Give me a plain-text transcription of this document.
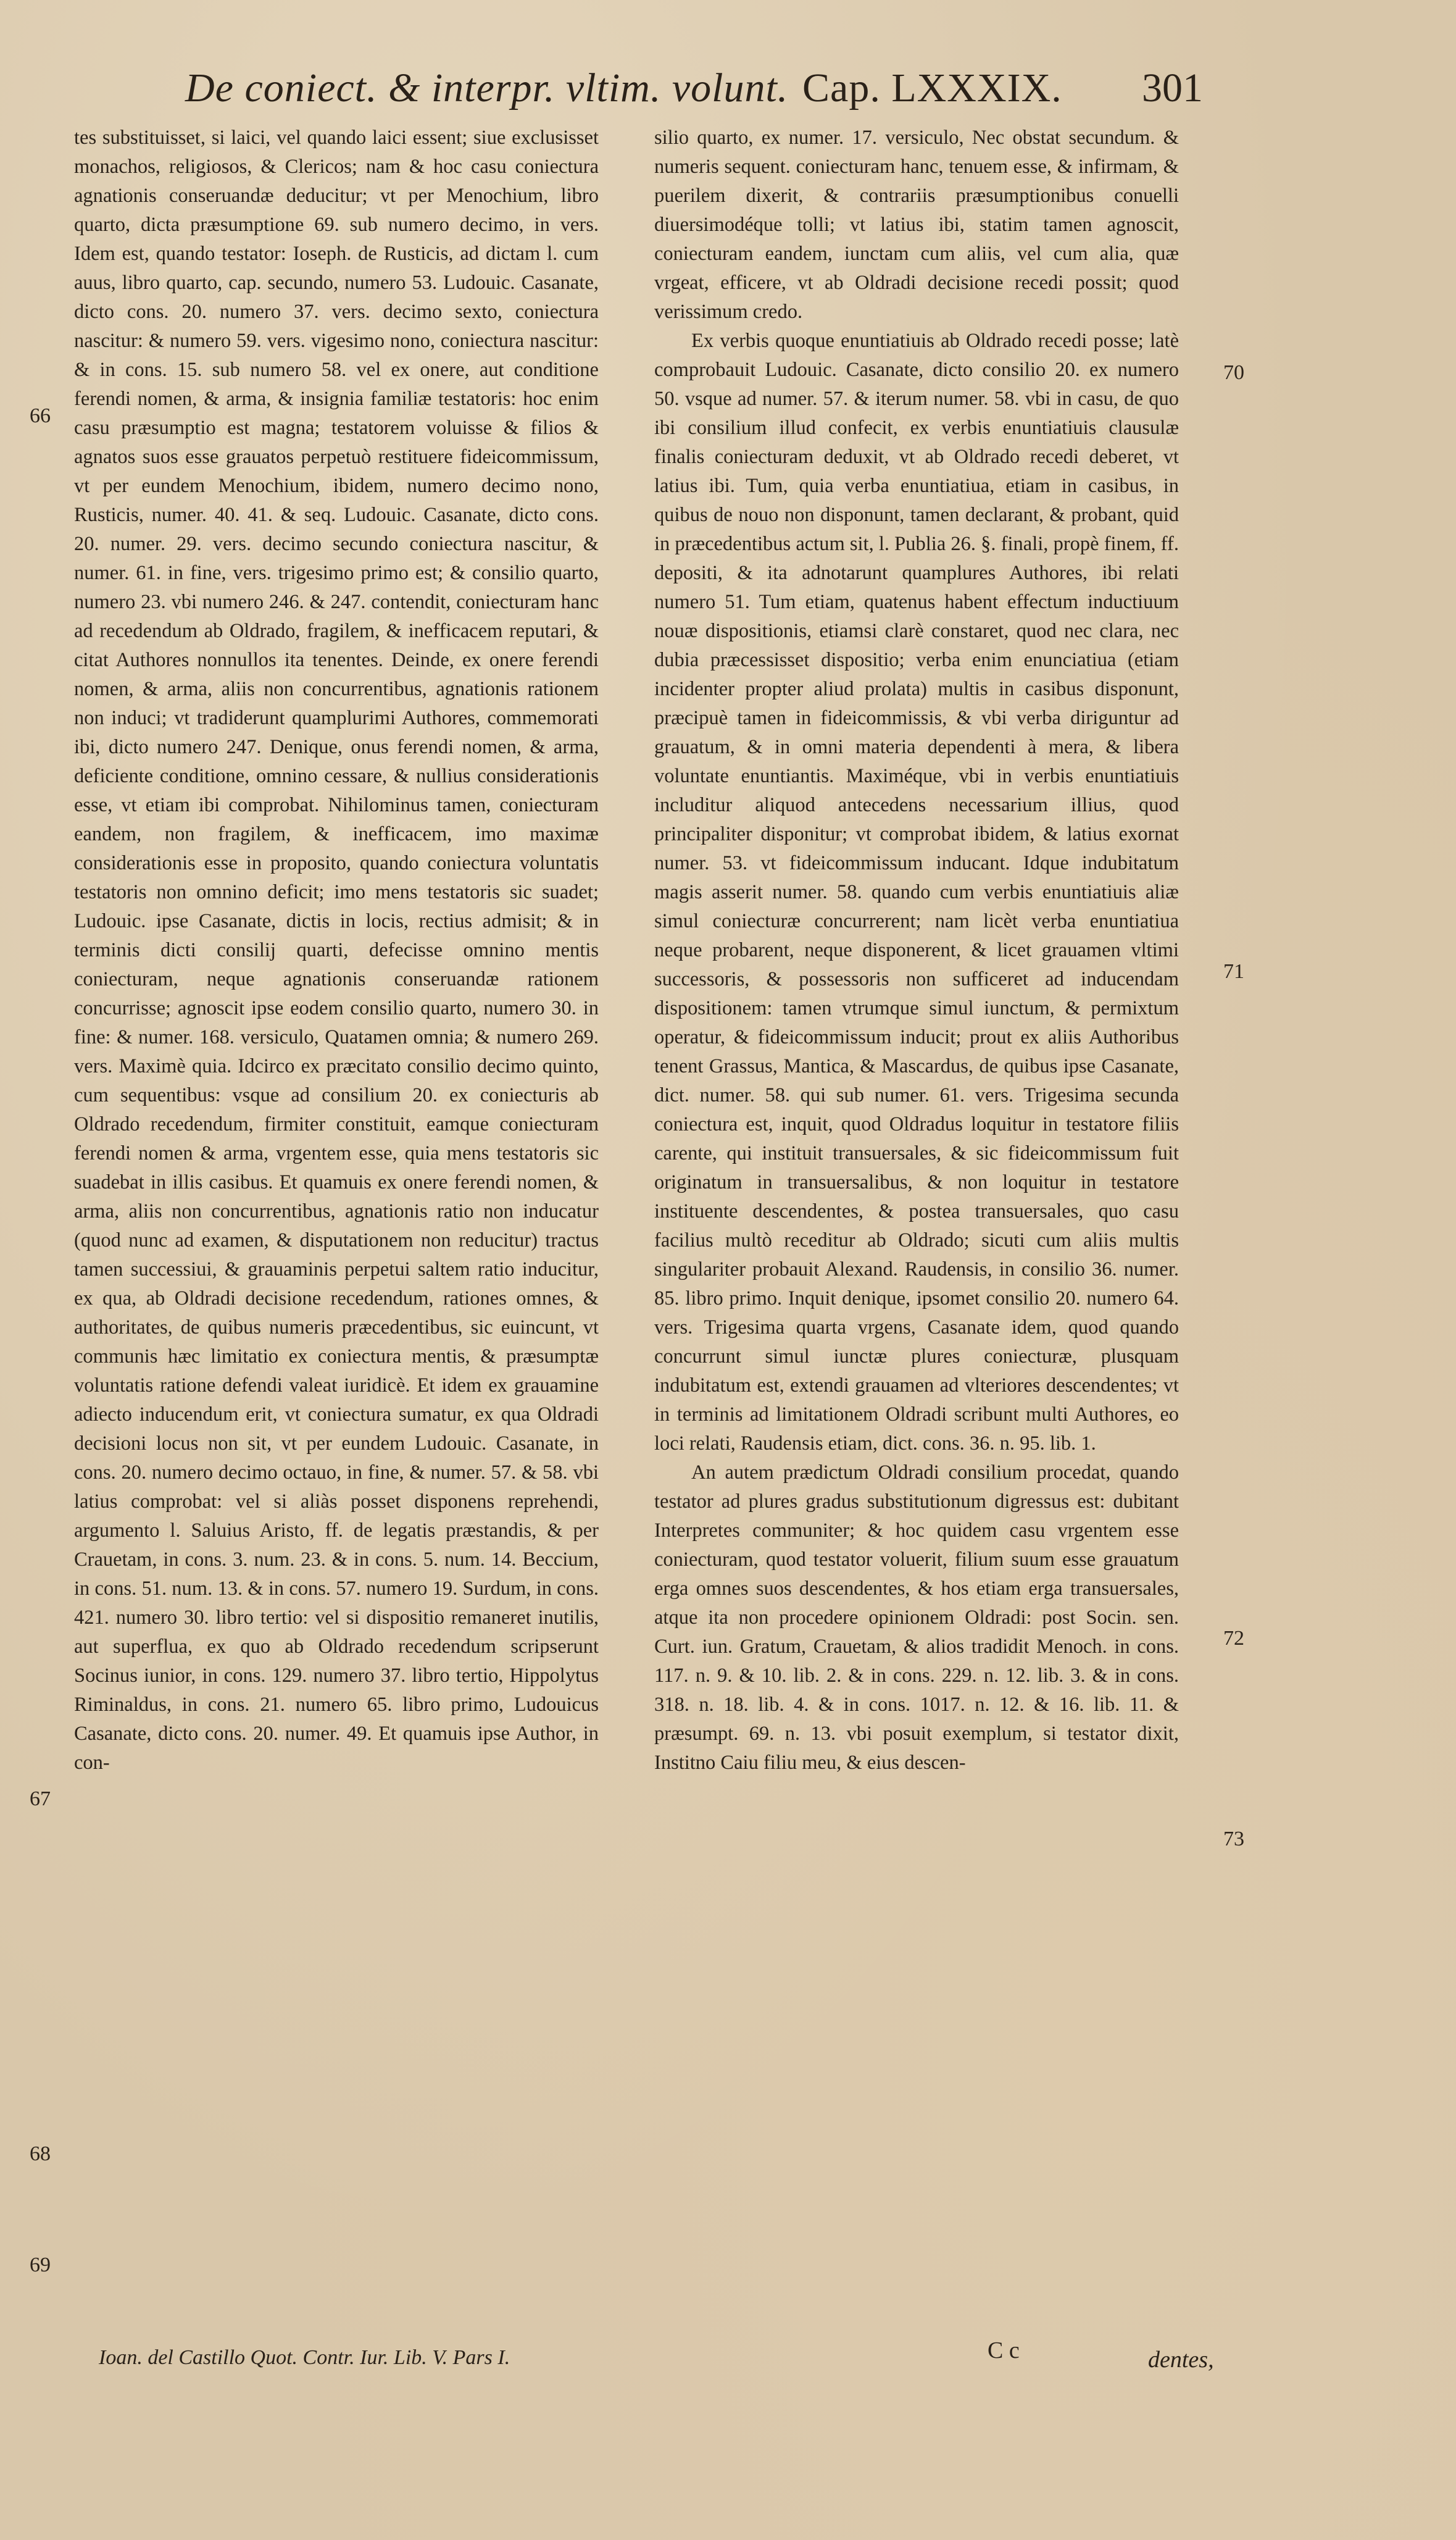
De coniect. & interpr. vltim. volunt. Cap. LXXXIX. 301

tes substituisset, si laici, vel quando laici essent; siue exclusisset monachos, religiosos, & Clericos; nam & hoc casu coniectura agnationis conseruandæ deducitur; vt per Menochium, libro quarto, dicta præsumptione 69. sub numero decimo, in vers. Idem est, quando testator: Ioseph. de Rusticis, ad dictam l. cum auus, libro quarto, cap. secundo, numero 53. Ludouic. Casanate, dicto cons. 20. numero 37. vers. decimo sexto, coniectura nascitur: & numero 59. vers. vigesimo nono, coniectura nascitur: & in cons. 15. sub numero 58. vel ex onere, aut conditione ferendi nomen, & arma, & insignia familiæ testatoris: hoc enim casu præsumptio est magna; testatorem voluisse & filios & agnatos suos esse grauatos perpetuò restituere fideicommissum, vt per eundem Menochium, ibidem, numero decimo nono, Rusticis, numer. 40. 41. & seq. Ludouic. Casanate, dicto cons. 20. numer. 29. vers. decimo secundo coniectura nascitur, & numer. 61. in fine, vers. trigesimo primo est; & consilio quarto, numero 23. vbi numero 246. & 247. contendit, coniecturam hanc ad recedendum ab Oldrado, fragilem, & inefficacem reputari, & citat Authores nonnullos ita tenentes. Deinde, ex onere ferendi nomen, & arma, aliis non concurrentibus, agnationis rationem non induci; vt tradiderunt quamplurimi Authores, commemorati ibi, dicto numero 247. Denique, onus ferendi nomen, & arma, deficiente conditione, omnino cessare, & nullius considerationis esse, vt etiam ibi comprobat. Nihilominus tamen, coniecturam eandem, non fragilem, & inefficacem, imo maximæ considerationis esse in proposito, quando coniectura voluntatis testatoris non omnino deficit; imo mens testatoris sic suadet; Ludouic. ipse Casanate, dictis in locis, rectius admisit; & in terminis dicti consilij quarti, defecisse omnino mentis coniecturam, neque agnationis conseruandæ rationem concurrisse; agnoscit ipse eodem consilio quarto, numero 30. in fine: & numer. 168. versiculo, Quatamen omnia; & numero 269. vers. Maximè quia. Idcirco ex præcitato consilio decimo quinto, cum sequentibus: vsque ad consilium 20. ex coniecturis ab Oldrado recedendum, firmiter constituit, eamque coniecturam ferendi nomen & arma, vrgentem esse, quia mens testatoris sic suadebat in illis casibus. Et quamuis ex onere ferendi nomen, & arma, aliis non concurrentibus, agnationis ratio non inducatur (quod nunc ad examen, & disputationem non reducitur) tractus tamen successiui, & grauaminis perpetui saltem ratio inducitur, ex qua, ab Oldradi decisione recedendum, rationes omnes, & authoritates, de quibus numeris præcedentibus, sic euincunt, vt communis hæc limitatio ex coniectura mentis, & præsumptæ voluntatis ratione defendi valeat iuridicè. Et idem ex grauamine adiecto inducendum erit, vt coniectura sumatur, ex qua Oldradi decisioni locus non sit, vt per eundem Ludouic. Casanate, in cons. 20. numero decimo octauo, in fine, & numer. 57. & 58. vbi latius comprobat: vel si aliàs posset disponens reprehendi, argumento l. Saluius Aristo, ff. de legatis præstandis, & per Crauetam, in cons. 3. num. 23. & in cons. 5. num. 14. Beccium, in cons. 51. num. 13. & in cons. 57. numero 19. Surdum, in cons. 421. numero 30. libro tertio: vel si dispositio remaneret inutilis, aut superflua, ex quo ab Oldrado recedendum scripserunt Socinus iunior, in cons. 129. numero 37. libro tertio, Hippolytus Riminaldus, in cons. 21. numero 65. libro primo, Ludouicus Casanate, dicto cons. 20. numer. 49. Et quamuis ipse Author, in con-

silio quarto, ex numer. 17. versiculo, Nec obstat secundum. & numeris sequent. coniecturam hanc, tenuem esse, & infirmam, & puerilem dixerit, & contrariis præsumptionibus conuelli diuersimodéque tolli; vt latius ibi, statim tamen agnoscit, coniecturam eandem, iunctam cum aliis, vel cum alia, quæ vrgeat, efficere, vt ab Oldradi decisione recedi possit; quod verissimum credo.

Ex verbis quoque enuntiatiuis ab Oldrado recedi posse; latè comprobauit Ludouic. Casanate, dicto consilio 20. ex numero 50. vsque ad numer. 57. & iterum numer. 58. vbi in casu, de quo ibi consilium illud confecit, ex verbis enuntiatiuis clausulæ finalis coniecturam deduxit, vt ab Oldrado recedi deberet, vt latius ibi. Tum, quia verba enuntiatiua, etiam in casibus, in quibus de nouo non disponunt, tamen declarant, & probant, quid in præcedentibus actum sit, l. Publia 26. §. finali, propè finem, ff. depositi, & ita adnotarunt quamplures Authores, ibi relati numero 51. Tum etiam, quatenus habent effectum inductiuum nouæ dispositionis, etiamsi clarè constaret, quod nec clara, nec dubia præcessisset dispositio; verba enim enunciatiua (etiam incidenter propter aliud prolata) multis in casibus disponunt, præcipuè tamen in fideicommissis, & vbi verba diriguntur ad grauatum, & in omni materia dependenti à mera, & libera voluntate enuntiantis. Maximéque, vbi in verbis enuntiatiuis includitur aliquod antecedens necessarium illius, quod principaliter disponitur; vt comprobat ibidem, & latius exornat numer. 53. vt fideicommissum inducant. Idque indubitatum magis asserit numer. 58. quando cum verbis enuntiatiuis aliæ simul coniecturæ concurrerent; nam licèt verba enuntiatiua neque probarent, neque disponerent, & licet grauamen vltimi successoris, & possessoris non sufficeret ad inducendam dispositionem: tamen vtrumque simul iunctum, & permixtum operatur, & fideicommissum inducit; prout ex aliis Authoribus tenent Grassus, Mantica, & Mascardus, de quibus ipse Casanate, dict. numer. 58. qui sub numer. 61. vers. Trigesima secunda coniectura est, inquit, quod Oldradus loquitur in testatore filiis carente, qui instituit transuersales, & sic fideicommissum fuit originatum in transuersalibus, & non loquitur in testatore instituente descendentes, & postea transuersales, quo casu facilius multò receditur ab Oldrado; sicuti cum aliis multis singulariter probauit Alexand. Raudensis, in consilio 36. numer. 85. libro primo. Inquit denique, ipsomet consilio 20. numero 64. vers. Trigesima quarta vrgens, Casanate idem, quod quando concurrunt simul iunctæ plures coniecturæ, plusquam indubitatum est, extendi grauamen ad vlteriores descendentes; vt in terminis ad limitationem Oldradi scribunt multi Authores, eo loci relati, Raudensis etiam, dict. cons. 36. n. 95. lib. 1.

An autem prædictum Oldradi consilium procedat, quando testator ad plures gradus substitutionum digressus est: dubitant Interpretes communiter; & hoc quidem casu vrgentem esse coniecturam, quod testator voluerit, filium suum esse grauatum erga omnes suos descendentes, & hos etiam erga transuersales, atque ita non procedere opinionem Oldradi: post Socin. sen. Curt. iun. Gratum, Crauetam, & alios tradidit Menoch. in cons. 117. n. 9. & 10. lib. 2. & in cons. 229. n. 12. lib. 3. & in cons. 318. n. 18. lib. 4. & in cons. 1017. n. 12. & 16. lib. 11. & præsumpt. 69. n. 13. vbi posuit exemplum, si testator dixit, Institno Caiu filiu meu, & eius descen-

66
67
68
69
70
71
72
73
Ioan. del Castillo Quot. Contr. Iur. Lib. V. Pars I.	C c	dentes,
